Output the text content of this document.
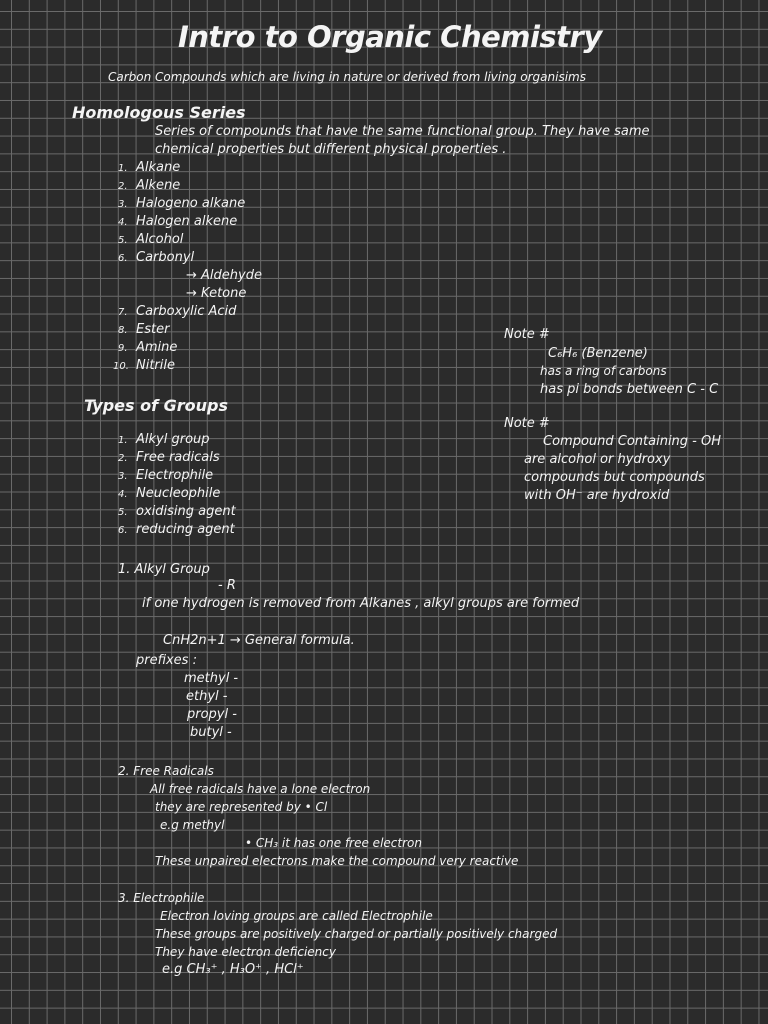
Intro to Organic Chemistry
Carbon Compounds which are living in nature or derived from living organisims
Homologous Series
Series of compounds that have the same functional group. They have same
chemical properties but different physical properties .
1. Alkane
2. Alkene
3. Halogeno alkane
4. Halogen alkene
5. Alcohol
6. Carbonyl
→ Aldehyde
→ Ketone
7. Carboxylic Acid
8. Ester
9. Amine
10. Nitrile
Note #
C₆H₆ (Benzene)
has a ring of carbons
has pi bonds between C - C
Note #
Compound Containing - OH
are alcohol or hydroxy
compounds but compounds
with OH⁻ are hydroxid
Types of Groups
1. Alkyl group
2. Free radicals
3. Electrophile
4. Neucleophile
5. oxidising agent
6. reducing agent
1. Alkyl Group
- R
if one hydrogen is removed from Alkanes , alkyl groups are formed
CnH2n+1 → General formula.
prefixes :
methyl -
ethyl -
propyl -
butyl -
2. Free Radicals
All free radicals have a lone electron
they are represented by • Cl
e.g methyl
• CH₃ it has one free electron
These unpaired electrons make the compound very reactive
3. Electrophile
Electron loving groups are called Electrophile
These groups are positively charged or partially positively charged
They have electron deficiency
e.g CH₃⁺ , H₃O⁺ , HCl⁺
